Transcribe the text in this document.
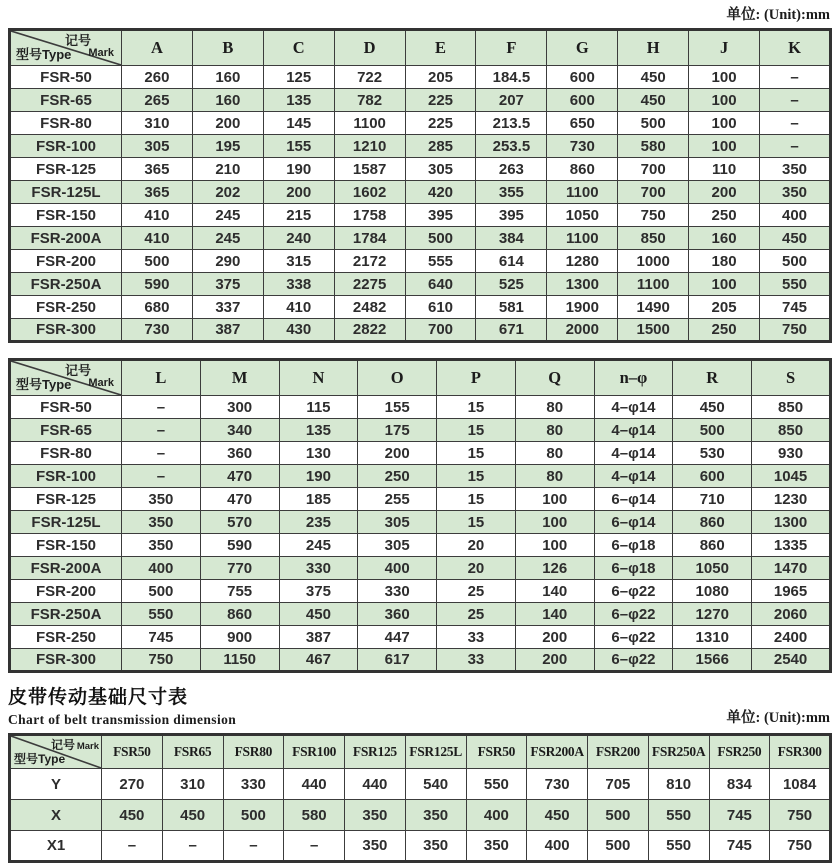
单位: (Unit):mm
记号
Mark
型号Type	A	B	C	D	E	F	G	H	J	K
FSR-50	260	160	125	722	205	184.5	600	450	100	–
FSR-65	265	160	135	782	225	207	600	450	100	–
FSR-80	310	200	145	1100	225	213.5	650	500	100	–
FSR-100	305	195	155	1210	285	253.5	730	580	100	–
FSR-125	365	210	190	1587	305	263	860	700	110	350
FSR-125L	365	202	200	1602	420	355	1100	700	200	350
FSR-150	410	245	215	1758	395	395	1050	750	250	400
FSR-200A	410	245	240	1784	500	384	1100	850	160	450
FSR-200	500	290	315	2172	555	614	1280	1000	180	500
FSR-250A	590	375	338	2275	640	525	1300	1100	100	550
FSR-250	680	337	410	2482	610	581	1900	1490	205	745
FSR-300	730	387	430	2822	700	671	2000	1500	250	750
记号
Mark
型号Type	L	M	N	O	P	Q	n–φ	R	S
FSR-50	–	300	115	155	15	80	4–φ14	450	850
FSR-65	–	340	135	175	15	80	4–φ14	500	850
FSR-80	–	360	130	200	15	80	4–φ14	530	930
FSR-100	–	470	190	250	15	80	4–φ14	600	1045
FSR-125	350	470	185	255	15	100	6–φ14	710	1230
FSR-125L	350	570	235	305	15	100	6–φ14	860	1300
FSR-150	350	590	245	305	20	100	6–φ18	860	1335
FSR-200A	400	770	330	400	20	126	6–φ18	1050	1470
FSR-200	500	755	375	330	25	140	6–φ22	1080	1965
FSR-250A	550	860	450	360	25	140	6–φ22	1270	2060
FSR-250	745	900	387	447	33	200	6–φ22	1310	2400
FSR-300	750	1150	467	617	33	200	6–φ22	1566	2540
皮带传动基础尺寸表
Chart of belt transmission dimension	单位: (Unit):mm
记号 Mark
型号Type	FSR50	FSR65	FSR80	FSR100	FSR125	FSR125L	FSR50	FSR200A	FSR200	FSR250A	FSR250	FSR300
Y	270	310	330	440	440	540	550	730	705	810	834	1084
X	450	450	500	580	350	350	400	450	500	550	745	750
X1	–	–	–	–	350	350	350	400	500	550	745	750
